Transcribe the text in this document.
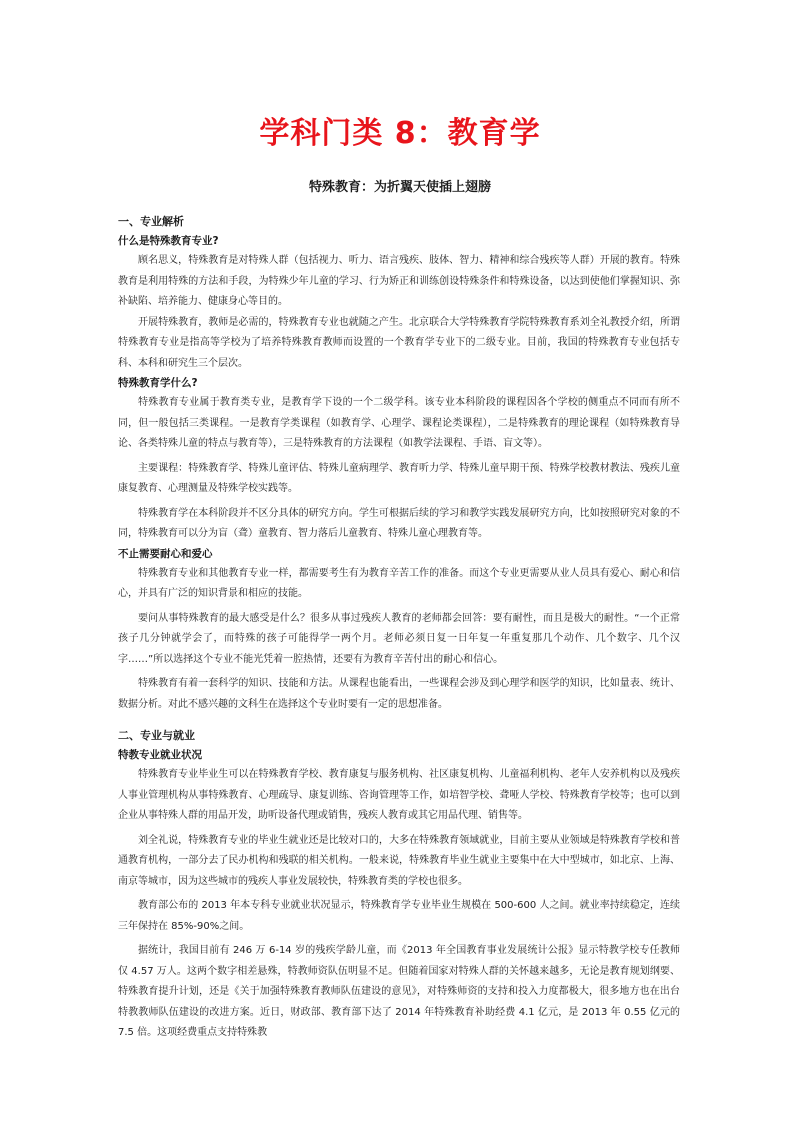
学科门类 8：教育学
特殊教育：为折翼天使插上翅膀
一、专业解析
什么是特殊教育专业?

顾名思义，特殊教育是对特殊人群（包括视力、听力、语言残疾、肢体、智力、精神和综合残疾等人群）开展的教育。特殊教育是利用特殊的方法和手段，为特殊少年儿童的学习、行为矫正和训练创设特殊条件和特殊设备，以达到使他们掌握知识、弥补缺陷、培养能力、健康身心等目的。

开展特殊教育，教师是必需的，特殊教育专业也就随之产生。北京联合大学特殊教育学院特殊教育系刘全礼教授介绍，所谓特殊教育专业是指高等学校为了培养特殊教育教师而设置的一个教育学专业下的二级专业。目前，我国的特殊教育专业包括专科、本科和研究生三个层次。

特殊教育学什么?

特殊教育专业属于教育类专业，是教育学下设的一个二级学科。该专业本科阶段的课程因各个学校的侧重点不同而有所不同，但一般包括三类课程。一是教育学类课程（如教育学、心理学、课程论类课程），二是特殊教育的理论课程（如特殊教育导论、各类特殊儿童的特点与教育等），三是特殊教育的方法课程（如教学法课程、手语、盲文等）。

主要课程：特殊教育学、特殊儿童评估、特殊儿童病理学、教育听力学、特殊儿童早期干预、特殊学校教材教法、残疾儿童康复教育、心理测量及特殊学校实践等。

特殊教育学在本科阶段并不区分具体的研究方向。学生可根据后续的学习和教学实践发展研究方向，比如按照研究对象的不同，特殊教育可以分为盲（聋）童教育、智力落后儿童教育、特殊儿童心理教育等。

不止需要耐心和爱心

特殊教育专业和其他教育专业一样，都需要考生有为教育辛苦工作的准备。而这个专业更需要从业人员具有爱心、耐心和信心，并具有广泛的知识背景和相应的技能。

要问从事特殊教育的最大感受是什么？很多从事过残疾人教育的老师都会回答：要有耐性，而且是极大的耐性。“一个正常孩子几分钟就学会了，而特殊的孩子可能得学一两个月。老师必须日复一日年复一年重复那几个动作、几个数字、几个汉字……”所以选择这个专业不能光凭着一腔热情，还要有为教育辛苦付出的耐心和信心。

特殊教育有着一套科学的知识、技能和方法。从课程也能看出，一些课程会涉及到心理学和医学的知识，比如量表、统计、数据分析。对此不感兴趣的文科生在选择这个专业时要有一定的思想准备。

二、专业与就业
特教专业就业状况

特殊教育专业毕业生可以在特殊教育学校、教育康复与服务机构、社区康复机构、儿童福利机构、老年人安养机构以及残疾人事业管理机构从事特殊教育、心理疏导、康复训练、咨询管理等工作，如培智学校、聋哑人学校、特殊教育学校等；也可以到企业从事特殊人群的用品开发，助听设备代理或销售，残疾人教育或其它用品代理、销售等。

刘全礼说，特殊教育专业的毕业生就业还是比较对口的，大多在特殊教育领域就业，目前主要从业领域是特殊教育学校和普通教育机构，一部分去了民办机构和残联的相关机构。一般来说，特殊教育毕业生就业主要集中在大中型城市，如北京、上海、南京等城市，因为这些城市的残疾人事业发展较快，特殊教育类的学校也很多。

教育部公布的 2013 年本专科专业就业状况显示，特殊教育学专业毕业生规模在 500-600 人之间。就业率持续稳定，连续三年保持在 85%-90%之间。

据统计，我国目前有 246 万 6-14 岁的残疾学龄儿童，而《2013 年全国教育事业发展统计公报》显示特教学校专任教师仅 4.57 万人。这两个数字相差悬殊，特教师资队伍明显不足。但随着国家对特殊人群的关怀越来越多，无论是教育规划纲要、特殊教育提升计划，还是《关于加强特殊教育教师队伍建设的意见》，对特殊师资的支持和投入力度都极大，很多地方也在出台特教教师队伍建设的改进方案。近日，财政部、教育部下达了 2014 年特殊教育补助经费 4.1 亿元，是 2013 年 0.55 亿元的 7.5 倍。这项经费重点支持特殊教
